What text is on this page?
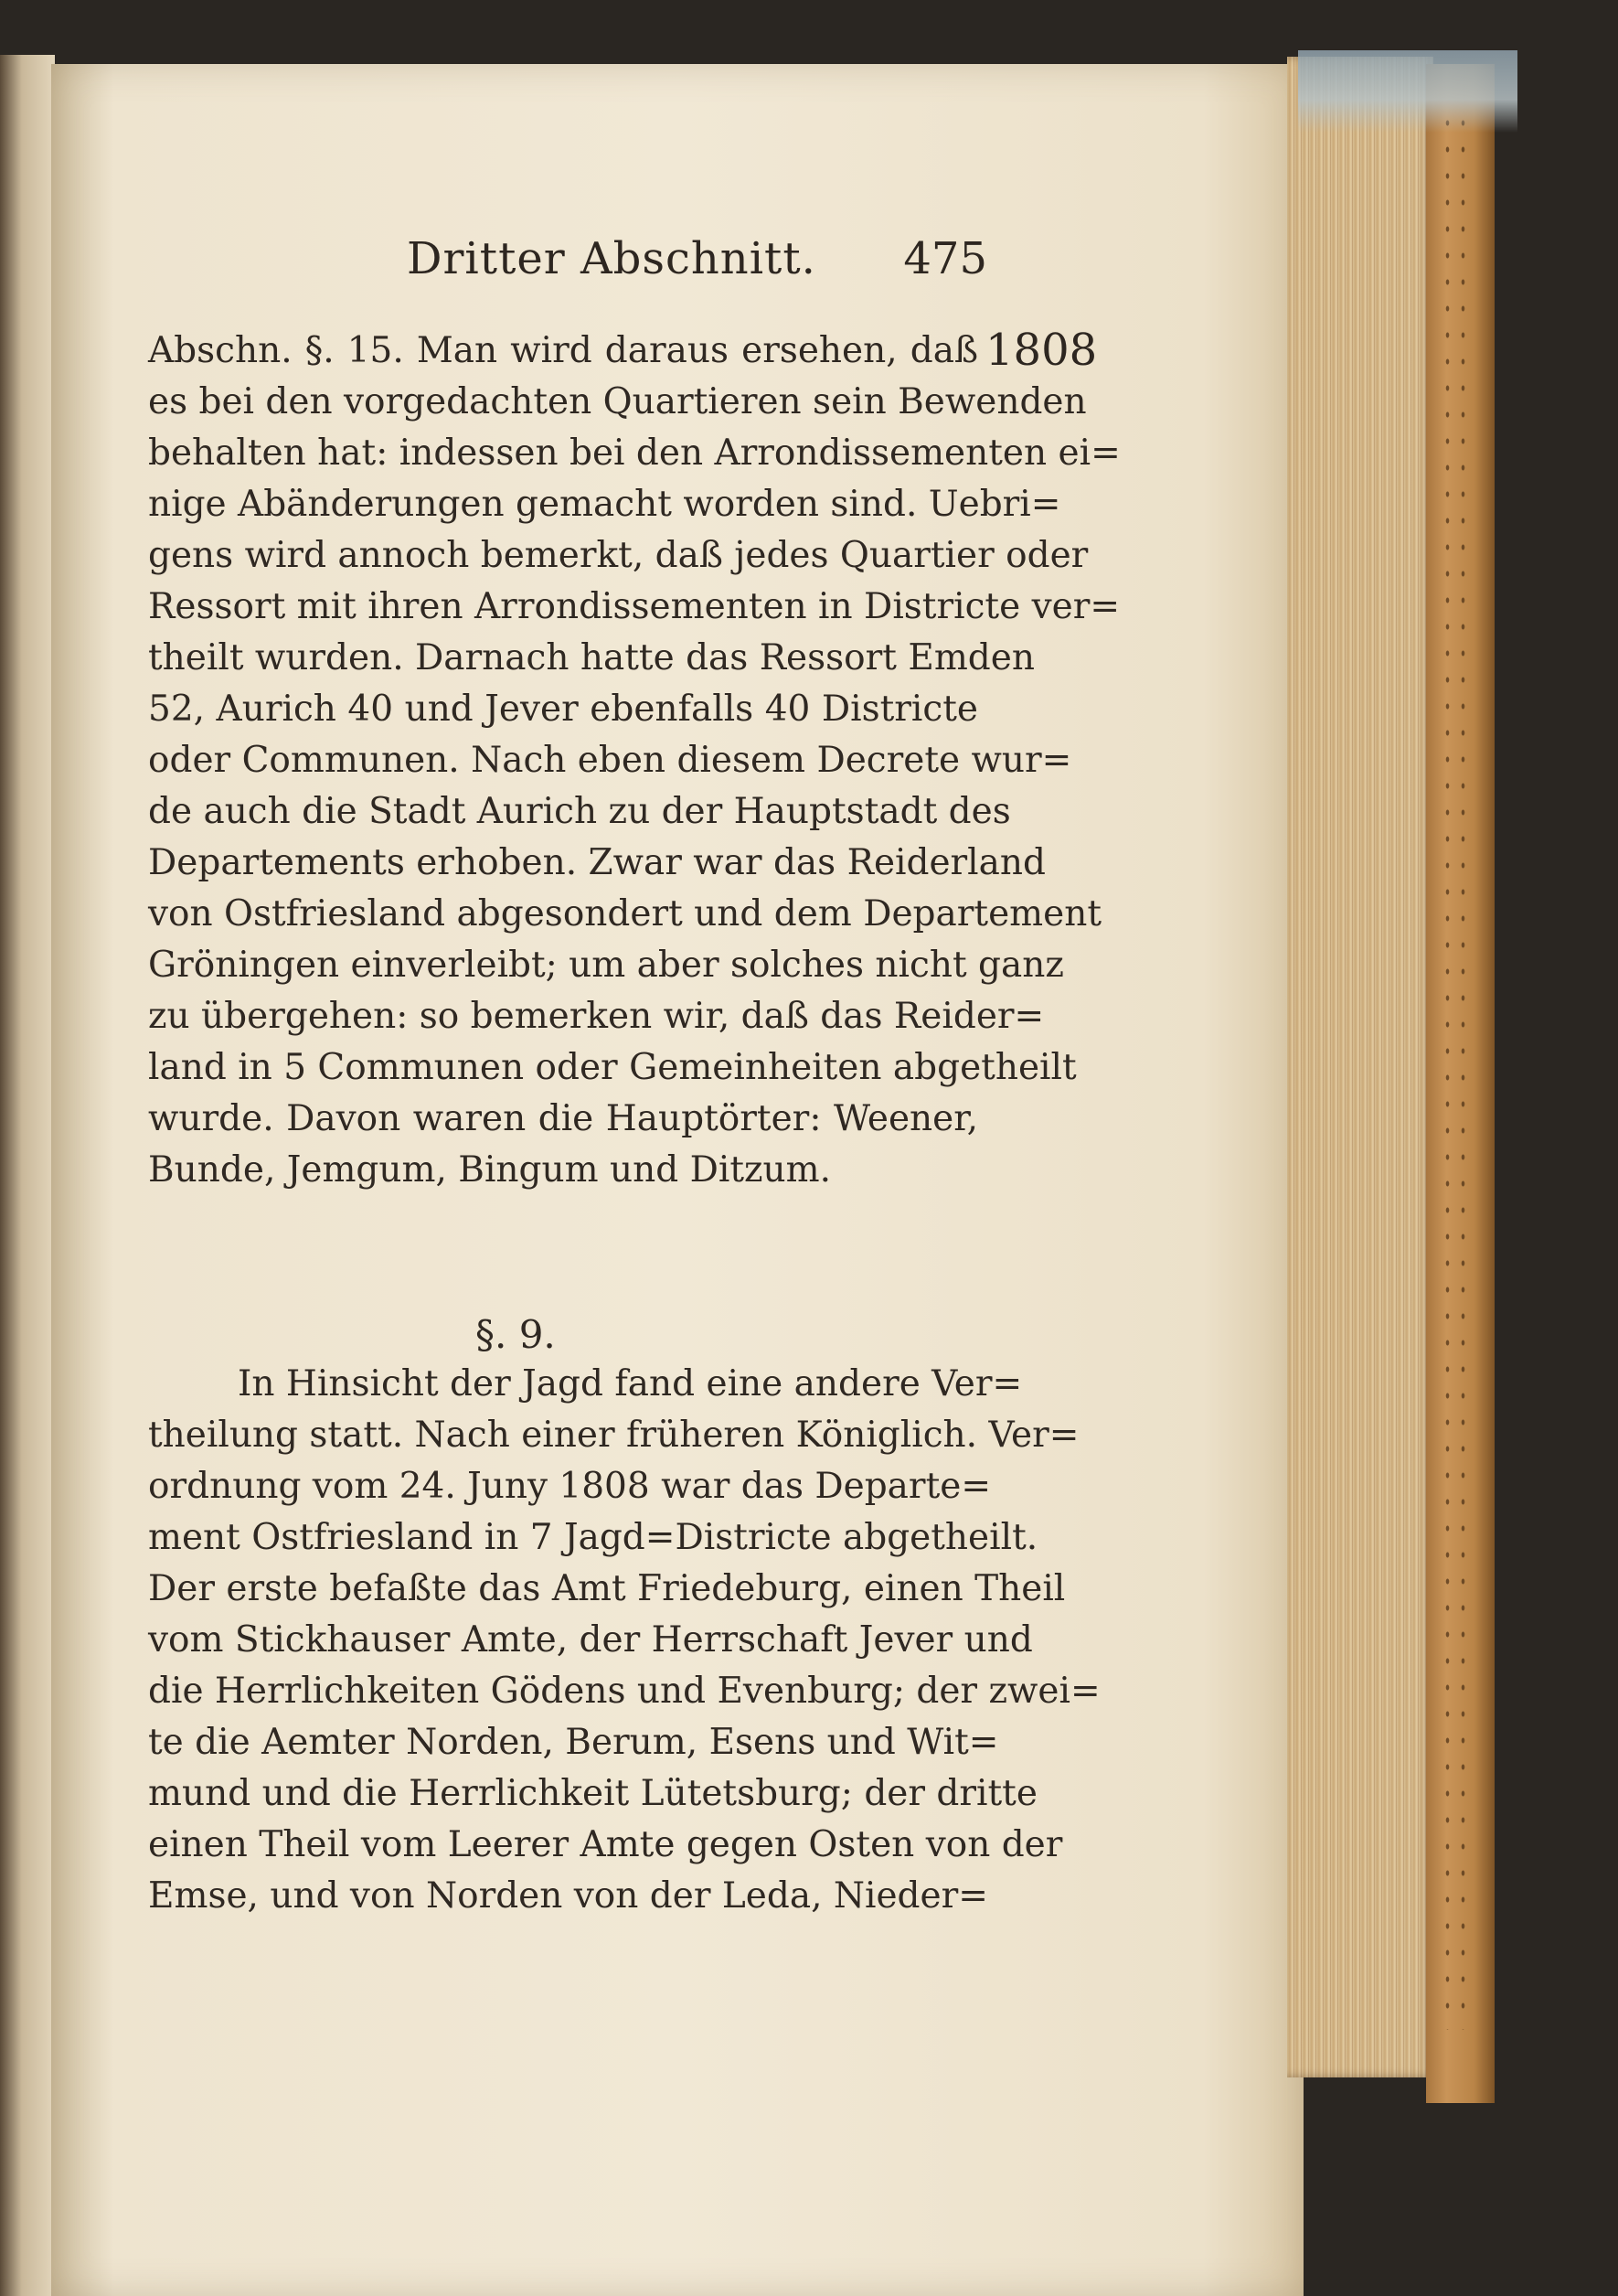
Dritter Abschnitt. 475
1808
Abschn. §. 15. Man wird daraus ersehen, daß
es bei den vorgedachten Quartieren sein Bewenden
behalten hat: indessen bei den Arrondissementen ei=
nige Abänderungen gemacht worden sind. Uebri=
gens wird annoch bemerkt, daß jedes Quartier oder
Ressort mit ihren Arrondissementen in Districte ver=
theilt wurden. Darnach hatte das Ressort Emden
52, Aurich 40 und Jever ebenfalls 40 Districte
oder Communen. Nach eben diesem Decrete wur=
de auch die Stadt Aurich zu der Hauptstadt des
Departements erhoben. Zwar war das Reiderland
von Ostfriesland abgesondert und dem Departement
Gröningen einverleibt; um aber solches nicht ganz
zu übergehen: so bemerken wir, daß das Reider=
land in 5 Communen oder Gemeinheiten abgetheilt
wurde. Davon waren die Hauptörter: Weener,
Bunde, Jemgum, Bingum und Ditzum.
§. 9.
In Hinsicht der Jagd fand eine andere Ver=
theilung statt. Nach einer früheren Königlich. Ver=
ordnung vom 24. Juny 1808 war das Departe=
ment Ostfriesland in 7 Jagd=Districte abgetheilt.
Der erste befaßte das Amt Friedeburg, einen Theil
vom Stickhauser Amte, der Herrschaft Jever und
die Herrlichkeiten Gödens und Evenburg; der zwei=
te die Aemter Norden, Berum, Esens und Wit=
mund und die Herrlichkeit Lütetsburg; der dritte
einen Theil vom Leerer Amte gegen Osten von der
Emse, und von Norden von der Leda, Nieder=
